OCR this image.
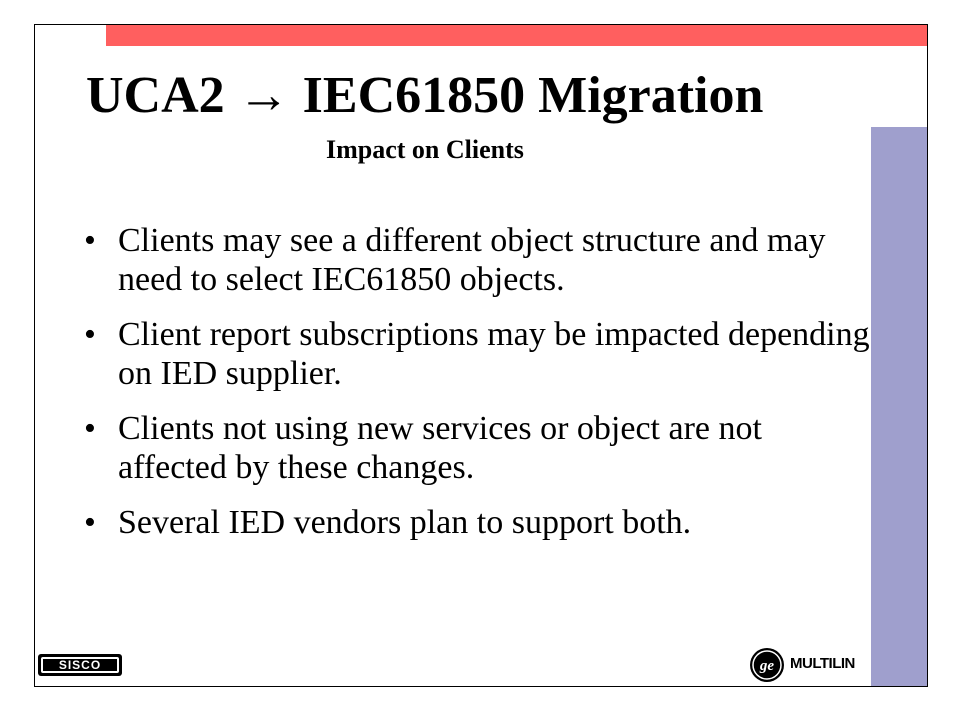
UCA2 → IEC61850 Migration
Impact on Clients
• Clients may see a different object structure and may need to select IEC61850 objects.
• Client report subscriptions may be impacted depending on IED supplier.
• Clients not using new services or object are not affected by these changes.
• Several IED vendors plan to support both.
SISCO	ge MULTILIN
